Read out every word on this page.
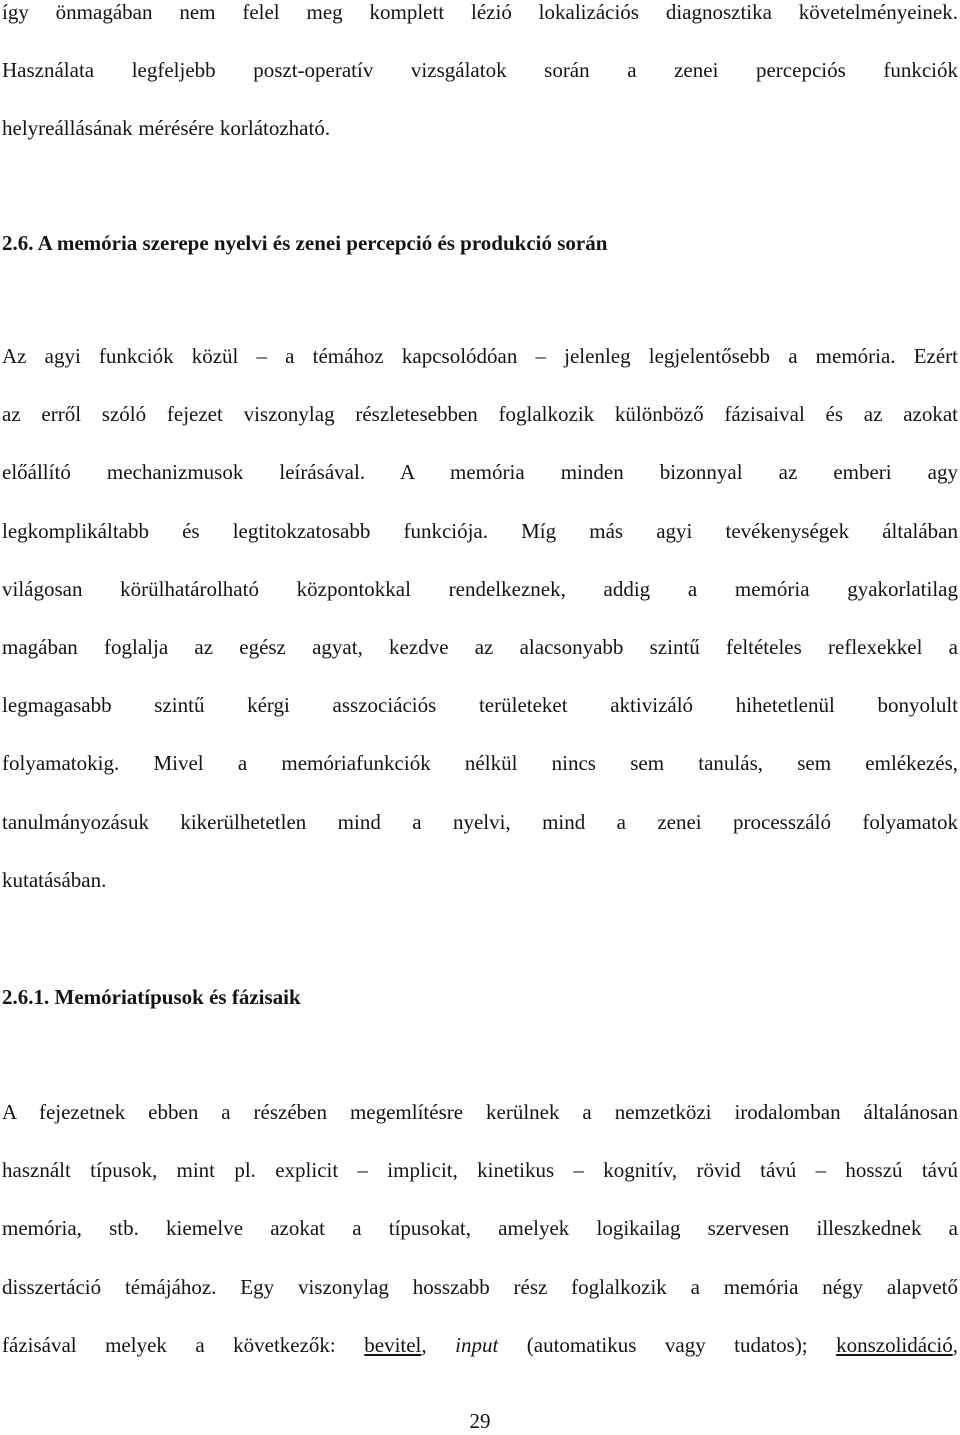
így önmagában nem felel meg komplett lézió lokalizációs diagnosztika követelményeinek.
Használata legfeljebb poszt-operatív vizsgálatok során a zenei percepciós funkciók
helyreállásának mérésére korlátozható.
2.6. A memória szerepe nyelvi és zenei percepció és produkció során
Az agyi funkciók közül – a témához kapcsolódóan – jelenleg legjelentősebb a memória. Ezért
az erről szóló fejezet viszonylag részletesebben foglalkozik különböző fázisaival és az azokat
előállító mechanizmusok leírásával. A memória minden bizonnyal az emberi agy
legkomplikáltabb és legtitokzatosabb funkciója. Míg más agyi tevékenységek általában
világosan körülhatárolható központokkal rendelkeznek, addig a memória gyakorlatilag
magában foglalja az egész agyat, kezdve az alacsonyabb szintű feltételes reflexekkel a
legmagasabb szintű kérgi asszociációs területeket aktivizáló hihetetlenül bonyolult
folyamatokig. Mivel a memóriafunkciók nélkül nincs sem tanulás, sem emlékezés,
tanulmányozásuk kikerülhetetlen mind a nyelvi, mind a zenei processzáló folyamatok
kutatásában.
2.6.1. Memóriatípusok és fázisaik
A fejezetnek ebben a részében megemlítésre kerülnek a nemzetközi irodalomban általánosan
használt típusok, mint pl. explicit – implicit, kinetikus – kognitív, rövid távú – hosszú távú
memória, stb. kiemelve azokat a típusokat, amelyek logikailag szervesen illeszkednek a
disszertáció témájához. Egy viszonylag hosszabb rész foglalkozik a memória négy alapvető
fázisával melyek a következők: bevitel, input (automatikus vagy tudatos); konszolidáció,
29
